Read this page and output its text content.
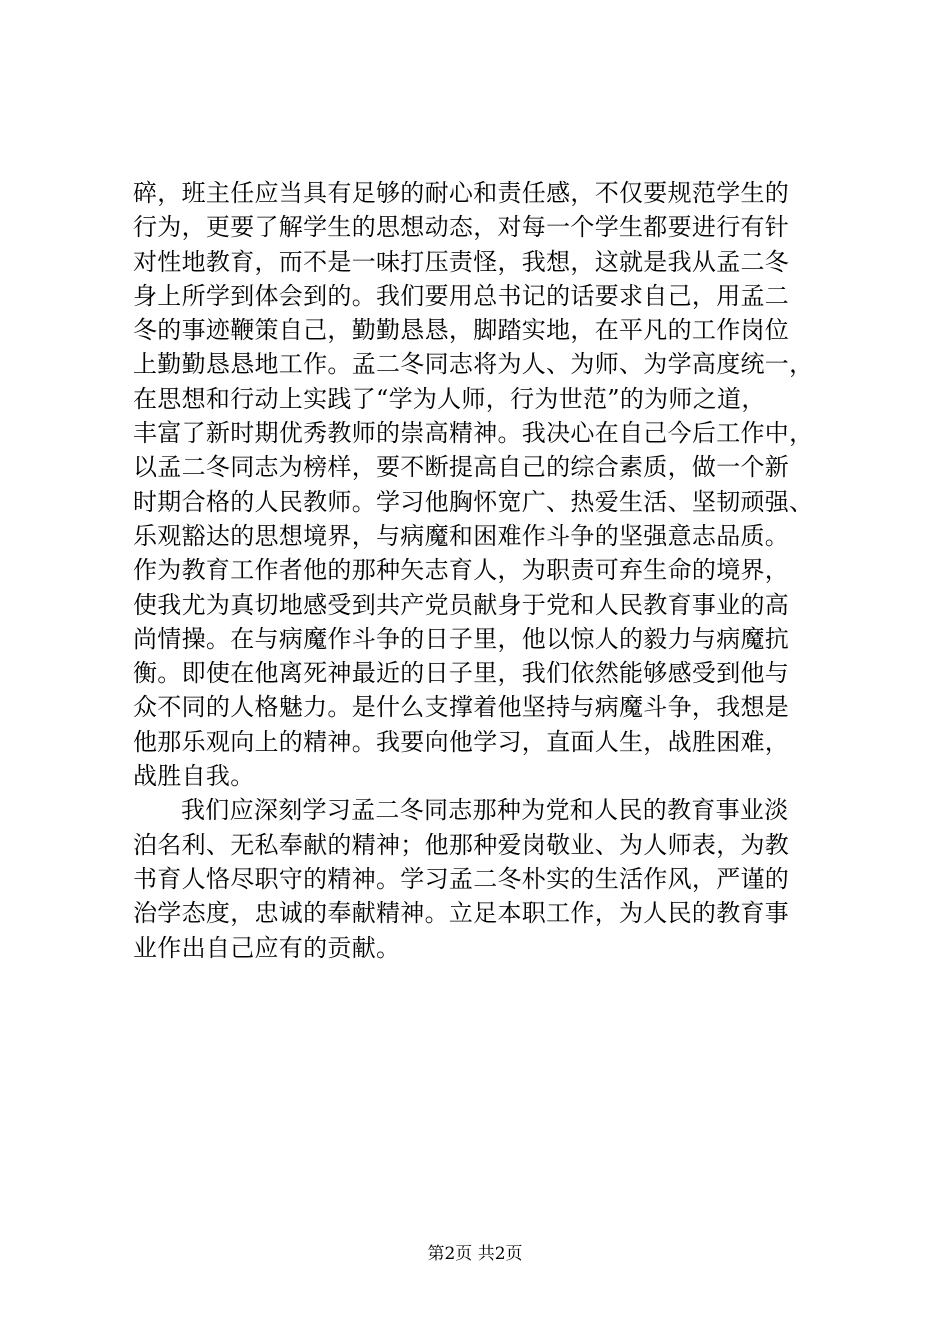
碎，班主任应当具有足够的耐心和责任感，不仅要规范学生的
行为，更要了解学生的思想动态，对每一个学生都要进行有针
对性地教育，而不是一味打压责怪，我想，这就是我从孟二冬
身上所学到体会到的。我们要用总书记的话要求自己，用孟二
冬的事迹鞭策自己，勤勤恳恳，脚踏实地，在平凡的工作岗位
上勤勤恳恳地工作。孟二冬同志将为人、为师、为学高度统一，
在思想和行动上实践了“学为人师，行为世范”的为师之道，
丰富了新时期优秀教师的崇高精神。我决心在自己今后工作中，
以孟二冬同志为榜样，要不断提高自己的综合素质，做一个新
时期合格的人民教师。学习他胸怀宽广、热爱生活、坚韧顽强、
乐观豁达的思想境界，与病魔和困难作斗争的坚强意志品质。
作为教育工作者他的那种矢志育人，为职责可弃生命的境界，
使我尤为真切地感受到共产党员献身于党和人民教育事业的高
尚情操。在与病魔作斗争的日子里，他以惊人的毅力与病魔抗
衡。即使在他离死神最近的日子里，我们依然能够感受到他与
众不同的人格魅力。是什么支撑着他坚持与病魔斗争，我想是
他那乐观向上的精神。我要向他学习，直面人生，战胜困难，
战胜自我。
我们应深刻学习孟二冬同志那种为党和人民的教育事业淡
泊名利、无私奉献的精神；他那种爱岗敬业、为人师表，为教
书育人恪尽职守的精神。学习孟二冬朴实的生活作风，严谨的
治学态度，忠诚的奉献精神。立足本职工作，为人民的教育事
业作出自己应有的贡献。
第2页 共2页
